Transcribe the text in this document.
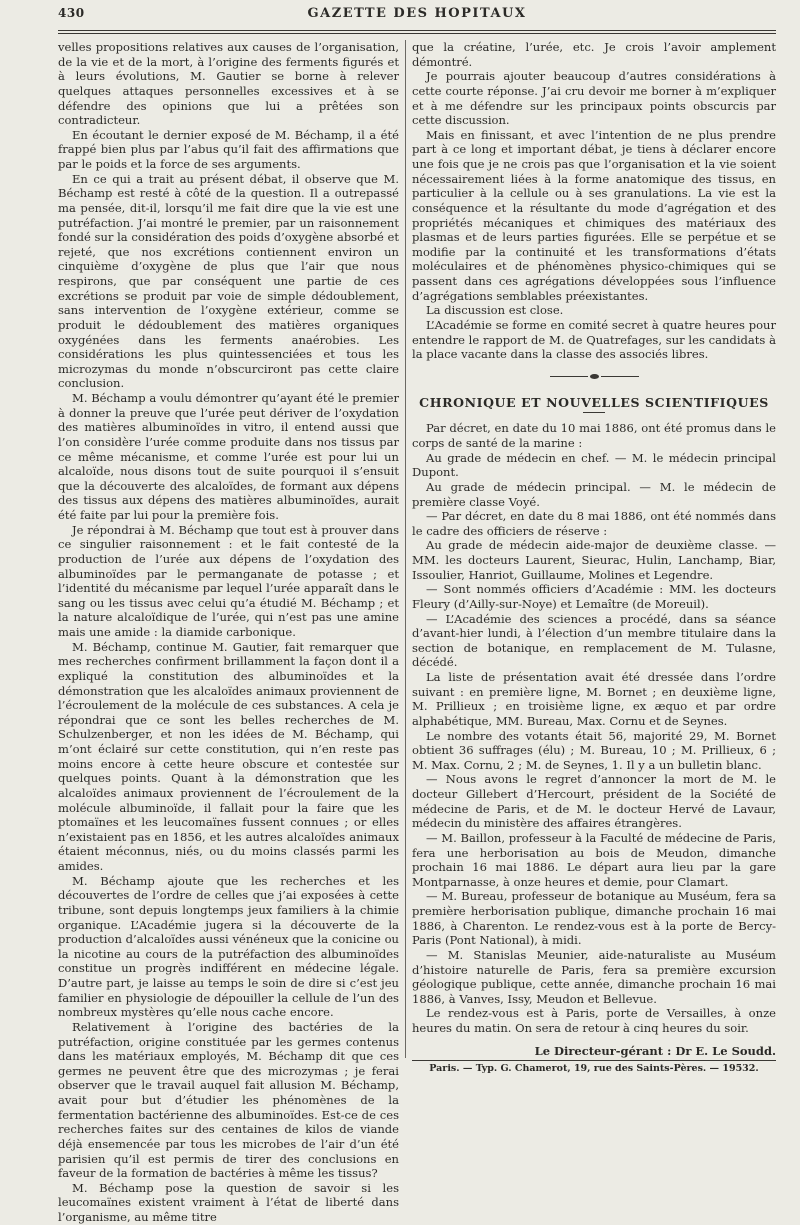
430	GAZETTE DES HOPITAUX

velles propositions relatives aux causes de l’organisation, de la vie et de la mort, à l’origine des ferments figurés et à leurs évolutions, M. Gautier se borne à relever quelques attaques personnelles excessives et à se défendre des opinions que lui a prêtées son contradicteur.

En écoutant le dernier exposé de M. Béchamp, il a été frappé bien plus par l’abus qu’il fait des affirmations que par le poids et la force de ses arguments.

En ce qui a trait au présent débat, il observe que M. Béchamp est resté à côté de la question. Il a outrepassé ma pensée, dit-il, lorsqu’il me fait dire que la vie est une putréfaction. J’ai montré le premier, par un raisonnement fondé sur la considération des poids d’oxygène absorbé et rejeté, que nos excrétions contiennent environ un cinquième d’oxygène de plus que l’air que nous respirons, que par conséquent une partie de ces excrétions se produit par voie de simple dédoublement, sans intervention de l’oxygène extérieur, comme se produit le dédoublement des matières organiques oxygénées dans les ferments anaérobies. Les considérations les plus quintessenciées et tous les microzymas du monde n’obscurciront pas cette claire conclusion.

M. Béchamp a voulu démontrer qu’ayant été le premier à donner la preuve que l’urée peut dériver de l’oxydation des matières albuminoïdes in vitro, il entend aussi que l’on considère l’urée comme produite dans nos tissus par ce même mécanisme, et comme l’urée est pour lui un alcaloïde, nous disons tout de suite pourquoi il s’ensuit que la découverte des alcaloïdes, de formant aux dépens des tissus aux dépens des matières albuminoïdes, aurait été faite par lui pour la première fois.

Je répondrai à M. Béchamp que tout est à prouver dans ce singulier raisonnement : et le fait contesté de la production de l’urée aux dépens de l’oxydation des albuminoïdes par le permanganate de potasse ; et l’identité du mécanisme par lequel l’urée apparaît dans le sang ou les tissus avec celui qu’a étudié M. Béchamp ; et la nature alcaloïdique de l’urée, qui n’est pas une amine mais une amide : la diamide carbonique.

M. Béchamp, continue M. Gautier, fait remarquer que mes recherches confirment brillamment la façon dont il a expliqué la constitution des albuminoïdes et la démonstration que les alcaloïdes animaux proviennent de l’écroulement de la molécule de ces substances. A cela je répondrai que ce sont les belles recherches de M. Schulzenberger, et non les idées de M. Béchamp, qui m’ont éclairé sur cette constitution, qui n’en reste pas moins encore à cette heure obscure et contestée sur quelques points. Quant à la démonstration que les alcaloïdes animaux proviennent de l’écroulement de la molécule albuminoïde, il fallait pour la faire que les ptomaïnes et les leucomaïnes fussent connues ; or elles n’existaient pas en 1856, et les autres alcaloïdes animaux étaient méconnus, niés, ou du moins classés parmi les amides.

M. Béchamp ajoute que les recherches et les découvertes de l’ordre de celles que j’ai exposées à cette tribune, sont depuis longtemps jeux familiers à la chimie organique. L’Académie jugera si la découverte de la production d’alcaloïdes aussi vénéneux que la conicine ou la nicotine au cours de la putréfaction des albuminoïdes constitue un progrès indifférent en médecine légale. D’autre part, je laisse au temps le soin de dire si c’est jeu familier en physiologie de dépouiller la cellule de l’un des nombreux mystères qu’elle nous cache encore.

Relativement à l’origine des bactéries de la putréfaction, origine constituée par les germes contenus dans les matériaux employés, M. Béchamp dit que ces germes ne peuvent être que des microzymas ; je ferai observer que le travail auquel fait allusion M. Béchamp, avait pour but d’étudier les phénomènes de la fermentation bactérienne des albuminoïdes. Est-ce de ces recherches faites sur des centaines de kilos de viande déjà ensemencée par tous les microbes de l’air d’un été parisien qu’il est permis de tirer des conclusions en faveur de la formation de bactéries à même les tissus?

M. Béchamp pose la question de savoir si les leucomaïnes existent vraiment à l’état de liberté dans l’organisme, au même titre

que la créatine, l’urée, etc. Je crois l’avoir amplement démontré.

Je pourrais ajouter beaucoup d’autres considérations à cette courte réponse. J’ai cru devoir me borner à m’expliquer et à me défendre sur les principaux points obscurcis par cette discussion.

Mais en finissant, et avec l’intention de ne plus prendre part à ce long et important débat, je tiens à déclarer encore une fois que je ne crois pas que l’organisation et la vie soient nécessairement liées à la forme anatomique des tissus, en particulier à la cellule ou à ses granulations. La vie est la conséquence et la résultante du mode d’agrégation et des propriétés mécaniques et chimiques des matériaux des plasmas et de leurs parties figurées. Elle se perpétue et se modifie par la continuité et les transformations d’états moléculaires et de phénomènes physico-chimiques qui se passent dans ces agrégations développées sous l’influence d’agrégations semblables préexistantes.

La discussion est close.

L’Académie se forme en comité secret à quatre heures pour entendre le rapport de M. de Quatrefages, sur les candidats à la place vacante dans la classe des associés libres.

CHRONIQUE ET NOUVELLES SCIENTIFIQUES

Par décret, en date du 10 mai 1886, ont été promus dans le corps de santé de la marine :

Au grade de médecin en chef. — M. le médecin principal Dupont.

Au grade de médecin principal. — M. le médecin de première classe Voyé.

— Par décret, en date du 8 mai 1886, ont été nommés dans le cadre des officiers de réserve :

Au grade de médecin aide-major de deuxième classe. — MM. les docteurs Laurent, Sieurac, Hulin, Lanchamp, Biar, Issoulier, Hanriot, Guillaume, Molines et Legendre.

— Sont nommés officiers d’Académie : MM. les docteurs Fleury (d’Ailly-sur-Noye) et Lemaître (de Moreuil).

— L’Académie des sciences a procédé, dans sa séance d’avant-hier lundi, à l’élection d’un membre titulaire dans la section de botanique, en remplacement de M. Tulasne, décédé.

La liste de présentation avait été dressée dans l’ordre suivant : en première ligne, M. Bornet ; en deuxième ligne, M. Prillieux ; en troisième ligne, ex æquo et par ordre alphabétique, MM. Bureau, Max. Cornu et de Seynes.

Le nombre des votants était 56, majorité 29, M. Bornet obtient 36 suffrages (élu) ; M. Bureau, 10 ; M. Prillieux, 6 ; M. Max. Cornu, 2 ; M. de Seynes, 1. Il y a un bulletin blanc.

— Nous avons le regret d’annoncer la mort de M. le docteur Gillebert d’Hercourt, président de la Société de médecine de Paris, et de M. le docteur Hervé de Lavaur, médecin du ministère des affaires étrangères.

— M. Baillon, professeur à la Faculté de médecine de Paris, fera une herborisation au bois de Meudon, dimanche prochain 16 mai 1886. Le départ aura lieu par la gare Montparnasse, à onze heures et demie, pour Clamart.

— M. Bureau, professeur de botanique au Muséum, fera sa première herborisation publique, dimanche prochain 16 mai 1886, à Charenton. Le rendez-vous est à la porte de Bercy-Paris (Pont National), à midi.

— M. Stanislas Meunier, aide-naturaliste au Muséum d’histoire naturelle de Paris, fera sa première excursion géologique publique, cette année, dimanche prochain 16 mai 1886, à Vanves, Issy, Meudon et Bellevue.

Le rendez-vous est à Paris, porte de Versailles, à onze heures du matin. On sera de retour à cinq heures du soir.

Le Directeur-gérant : Dr E. Le Soudd.
Paris. — Typ. G. Chamerot, 19, rue des Saints-Pères. — 19532.
